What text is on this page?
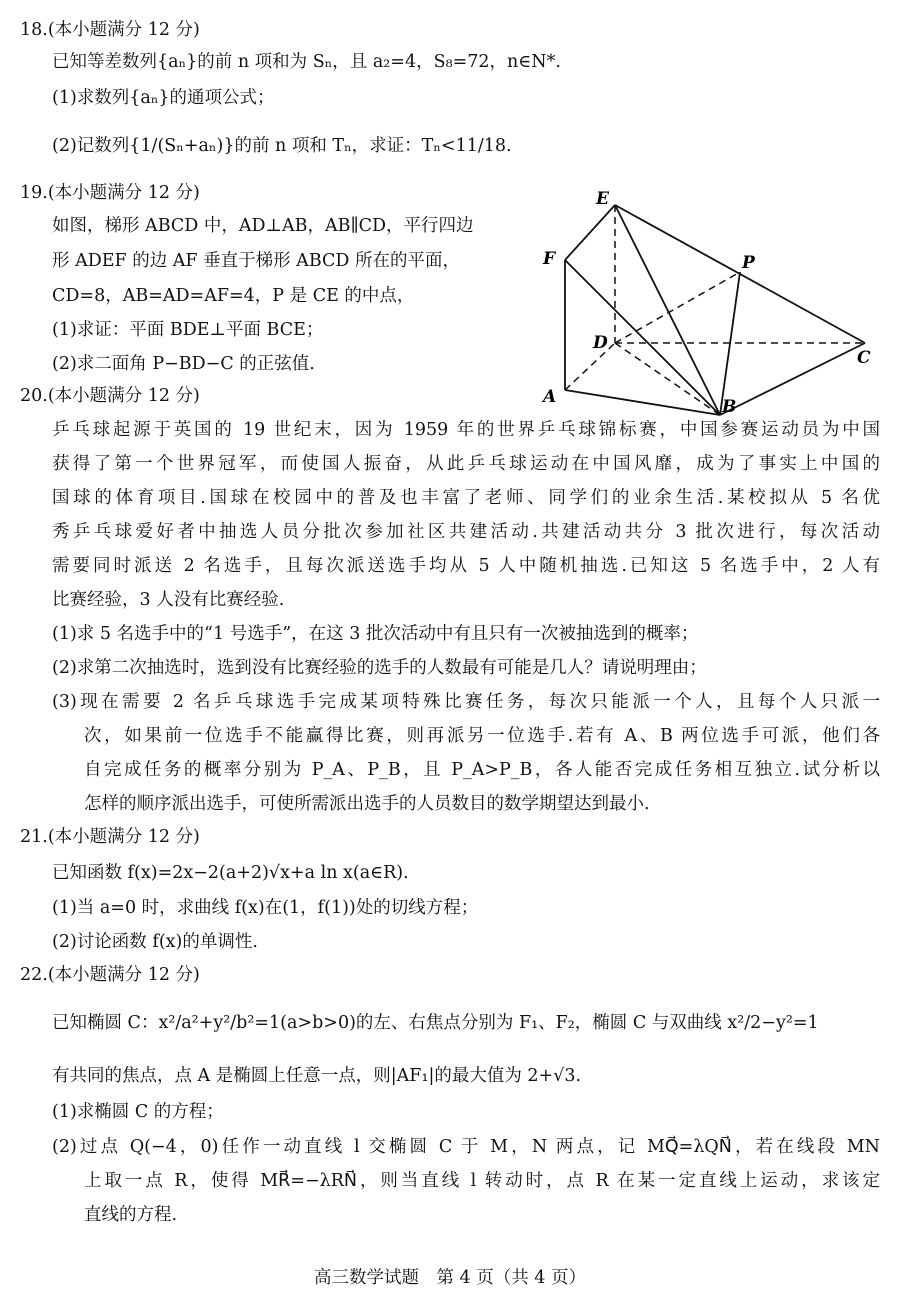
18.(本小题满分 12 分)
已知等差数列{aₙ}的前 n 项和为 Sₙ，且 a₂=4，S₈=72，n∈N*.
(1)求数列{aₙ}的通项公式；
(2)记数列{1/(Sₙ+aₙ)}的前 n 项和 Tₙ，求证：Tₙ<11/18.
19.(本小题满分 12 分)
如图，梯形 ABCD 中，AD⊥AB，AB∥CD，平行四边
形 ADEF 的边 AF 垂直于梯形 ABCD 所在的平面，
CD=8，AB=AD=AF=4，P 是 CE 的中点，
(1)求证：平面 BDE⊥平面 BCE；
(2)求二面角 P−BD−C 的正弦值.
E
F	P
D
C
A	B
20.(本小题满分 12 分)
乒乓球起源于英国的 19 世纪末，因为 1959 年的世界乒乓球锦标赛，中国参赛运动员为中国
获得了第一个世界冠军，而使国人振奋，从此乒乓球运动在中国风靡，成为了事实上中国的
国球的体育项目.国球在校园中的普及也丰富了老师、同学们的业余生活.某校拟从 5 名优
秀乒乓球爱好者中抽选人员分批次参加社区共建活动.共建活动共分 3 批次进行，每次活动
需要同时派送 2 名选手，且每次派送选手均从 5 人中随机抽选.已知这 5 名选手中，2 人有
比赛经验，3 人没有比赛经验.
(1)求 5 名选手中的“1 号选手”，在这 3 批次活动中有且只有一次被抽选到的概率；
(2)求第二次抽选时，选到没有比赛经验的选手的人数最有可能是几人？请说明理由；
(3)现在需要 2 名乒乓球选手完成某项特殊比赛任务，每次只能派一个人，且每个人只派一
次，如果前一位选手不能赢得比赛，则再派另一位选手.若有 A、B 两位选手可派，他们各
自完成任务的概率分别为 P_A、P_B，且 P_A>P_B，各人能否完成任务相互独立.试分析以
怎样的顺序派出选手，可使所需派出选手的人员数目的数学期望达到最小.
21.(本小题满分 12 分)
已知函数 f(x)=2x−2(a+2)√x+a ln x(a∈R).
(1)当 a=0 时，求曲线 f(x)在(1，f(1))处的切线方程；
(2)讨论函数 f(x)的单调性.
22.(本小题满分 12 分)
已知椭圆 C：x²/a²+y²/b²=1(a>b>0)的左、右焦点分别为 F₁、F₂，椭圆 C 与双曲线 x²/2−y²=1
有共同的焦点，点 A 是椭圆上任意一点，则|AF₁|的最大值为 2+√3.
(1)求椭圆 C 的方程；
(2)过点 Q(−4，0)任作一动直线 l 交椭圆 C 于 M，N 两点，记 MQ⃗=λQN⃗，若在线段 MN
上取一点 R，使得 MR⃗=−λRN⃗，则当直线 l 转动时，点 R 在某一定直线上运动，求该定
直线的方程.
高三数学试题　第 4 页（共 4 页）
